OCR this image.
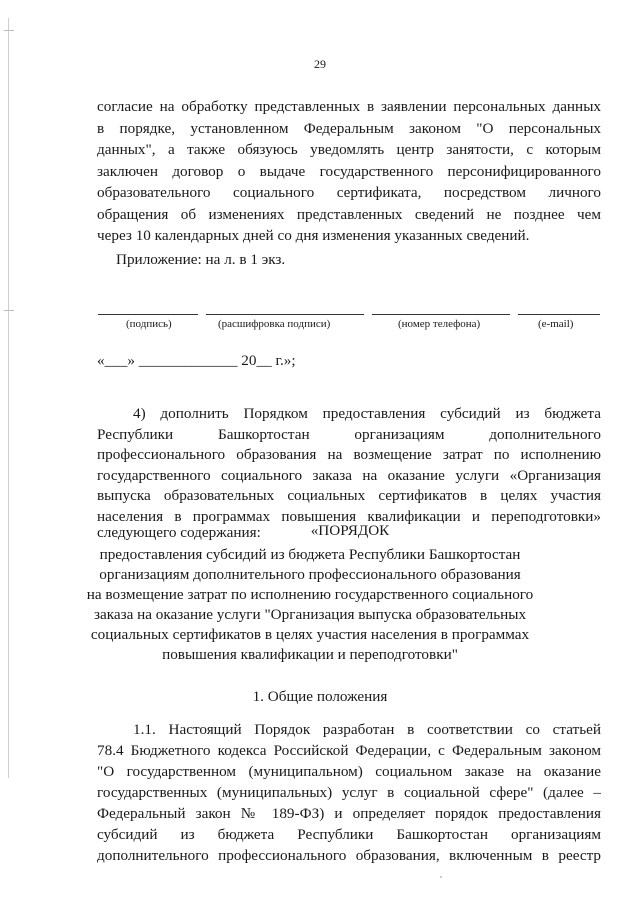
29
согласие на обработку представленных в заявлении персональных данных
в порядке, установленном Федеральным законом "О персональных
данных", а также обязуюсь уведомлять центр занятости, с которым
заключен договор о выдаче государственного персонифицированного
образовательного социального сертификата, посредством личного
обращения об изменениях представленных сведений не позднее чем
через 10 календарных дней со дня изменения указанных сведений.
Приложение: на л. в 1 экз.
(подпись)	(расшифровка подписи)	(номер телефона)	(e-mail)
«___» _____________ 20__ г.»;
4) дополнить Порядком предоставления субсидий из бюджета
Республики Башкортостан организациям дополнительного
профессионального образования на возмещение затрат по исполнению
государственного социального заказа на оказание услуги «Организация
выпуска образовательных социальных сертификатов в целях участия
населения в программах повышения квалификации и переподготовки»
следующего содержания:	«ПОРЯДОК
предоставления субсидий из бюджета Республики Башкортостан
организациям дополнительного профессионального образования
на возмещение затрат по исполнению государственного социального
заказа на оказание услуги "Организация выпуска образовательных
социальных сертификатов в целях участия населения в программах
повышения квалификации и переподготовки"
1. Общие положения
1.1. Настоящий Порядок разработан в соответствии со статьей
78.4 Бюджетного кодекса Российской Федерации, с Федеральным законом
"О государственном (муниципальном) социальном заказе на оказание
государственных (муниципальных) услуг в социальной сфере" (далее –
Федеральный закон № 189-ФЗ) и определяет порядок предоставления
субсидий из бюджета Республики Башкортостан организациям
дополнительного профессионального образования, включенным в реестр
